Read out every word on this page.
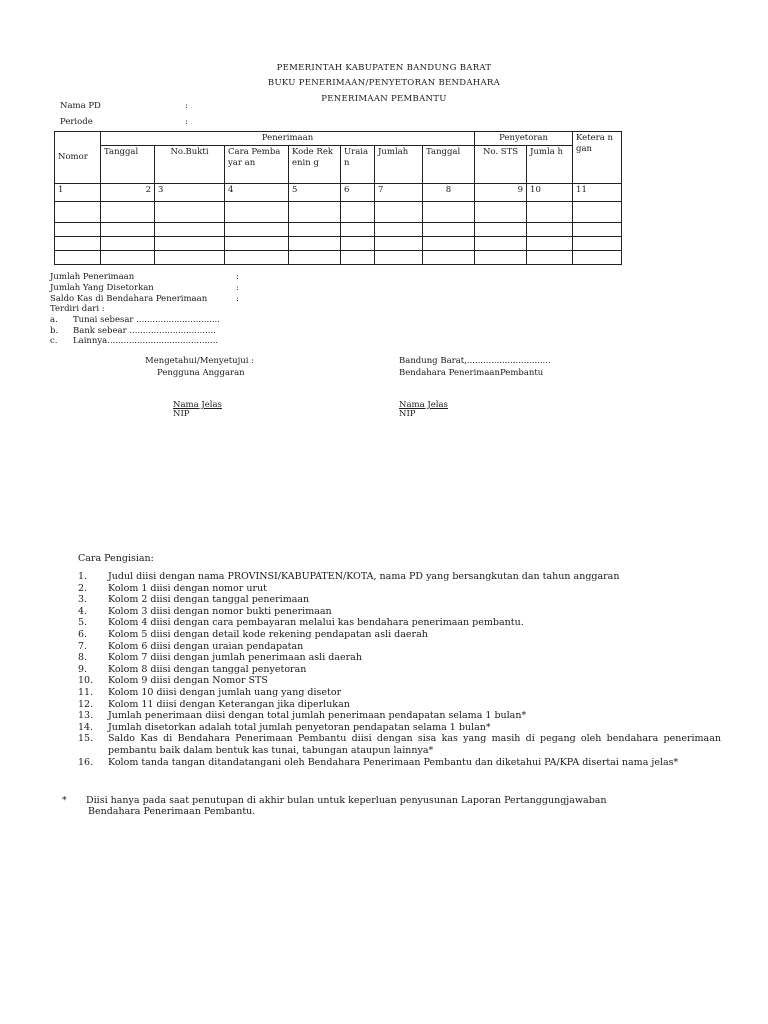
PEMERINTAH KABUPATEN BANDUNG BARAT
BUKU PENERIMAAN/PENYETORAN BENDAHARA
PENERIMAAN PEMBANTU
Nama PD	:
Periode	:
Nomor	Penerimaan							Penyetoran		Ketera ngan
	Tanggal	No.Bukti	Cara Pembayar an	Kode Rekenin g	Uraia n	Jumlah	Tanggal	No. STS	Jumla h	
1	2	3	4	5	6	7	8	9	10	11

Jumlah Penerimaan	:
Jumlah Yang Disetorkan	:
Saldo Kas di Bendahara Penerimaan	:
Terdiri dari :
a. Tunai sebesar ...............................
b. Bank sebear ................................
c. Lainnya.........................................
Mengetahui/Menyetujui :
Pengguna Anggaran
Nama Jelas
NIP
Bandung Barat,...............................
Bendahara PenerimaanPembantu
Nama Jelas
NIP
Cara Pengisian:
1.	Judul diisi dengan nama PROVINSI/KABUPATEN/KOTA, nama PD yang bersangkutan dan tahun anggaran
2.	Kolom 1 diisi dengan nomor urut
3.	Kolom 2 diisi dengan tanggal penerimaan
4.	Kolom 3 diisi dengan nomor bukti penerimaan
5.	Kolom 4 diisi dengan cara pembayaran melalui kas bendahara penerimaan pembantu.
6.	Kolom 5 diisi dengan detail kode rekening pendapatan asli daerah
7.	Kolom 6 diisi dengan uraian pendapatan
8.	Kolom 7 diisi dengan jumlah penerimaan asli daerah
9.	Kolom 8 diisi dengan tanggal penyetoran
10.	Kolom 9 diisi dengan Nomor STS
11.	Kolom 10 diisi dengan jumlah uang yang disetor
12.	Kolom 11 diisi dengan Keterangan jika diperlukan
13.	Jumlah penerimaan diisi dengan total jumlah penerimaan pendapatan selama 1 bulan*
14.	Jumlah disetorkan adalah total jumlah penyetoran pendapatan selama 1 bulan*
15.	Saldo Kas di Bendahara Penerimaan Pembantu diisi dengan sisa kas yang masih di pegang oleh bendahara penerimaan pembantu baik dalam bentuk kas tunai, tabungan ataupun lainnya*
16.	Kolom tanda tangan ditandatangani oleh Bendahara Penerimaan Pembantu dan diketahui PA/KPA disertai nama jelas*
* Diisi hanya pada saat penutupan di akhir bulan untuk keperluan penyusunan Laporan Pertanggungjawaban
Bendahara Penerimaan Pembantu.
